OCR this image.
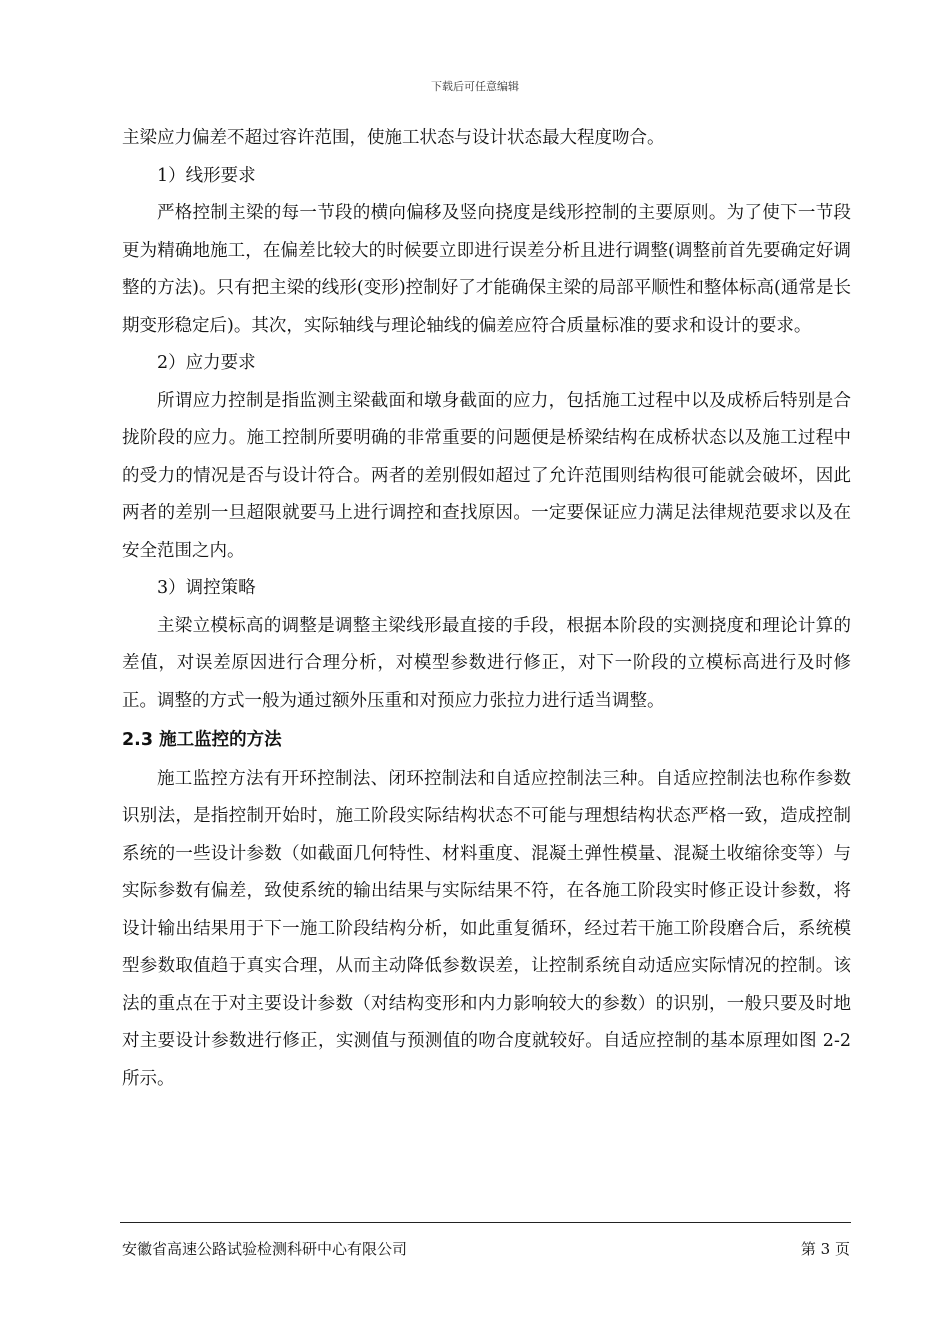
下载后可任意编辑

主梁应力偏差不超过容许范围，使施工状态与设计状态最大程度吻合。

1）线形要求

严格控制主梁的每一节段的横向偏移及竖向挠度是线形控制的主要原则。为了使下一节段更为精确地施工，在偏差比较大的时候要立即进行误差分析且进行调整(调整前首先要确定好调整的方法)。只有把主梁的线形(变形)控制好了才能确保主梁的局部平顺性和整体标高(通常是长期变形稳定后)。其次，实际轴线与理论轴线的偏差应符合质量标准的要求和设计的要求。

2）应力要求

所谓应力控制是指监测主梁截面和墩身截面的应力，包括施工过程中以及成桥后特别是合拢阶段的应力。施工控制所要明确的非常重要的问题便是桥梁结构在成桥状态以及施工过程中的受力的情况是否与设计符合。两者的差别假如超过了允许范围则结构很可能就会破坏，因此两者的差别一旦超限就要马上进行调控和查找原因。一定要保证应力满足法律规范要求以及在安全范围之内。

3）调控策略

主梁立模标高的调整是调整主梁线形最直接的手段，根据本阶段的实测挠度和理论计算的差值，对误差原因进行合理分析，对模型参数进行修正，对下一阶段的立模标高进行及时修正。调整的方式一般为通过额外压重和对预应力张拉力进行适当调整。

2.3 施工监控的方法

施工监控方法有开环控制法、闭环控制法和自适应控制法三种。自适应控制法也称作参数识别法，是指控制开始时，施工阶段实际结构状态不可能与理想结构状态严格一致，造成控制系统的一些设计参数（如截面几何特性、材料重度、混凝土弹性模量、混凝土收缩徐变等）与实际参数有偏差，致使系统的输出结果与实际结果不符，在各施工阶段实时修正设计参数，将设计输出结果用于下一施工阶段结构分析，如此重复循环，经过若干施工阶段磨合后，系统模型参数取值趋于真实合理，从而主动降低参数误差，让控制系统自动适应实际情况的控制。该法的重点在于对主要设计参数（对结构变形和内力影响较大的参数）的识别，一般只要及时地对主要设计参数进行修正，实测值与预测值的吻合度就较好。自适应控制的基本原理如图 2-2 所示。

安徽省高速公路试验检测科研中心有限公司	第 3 页
